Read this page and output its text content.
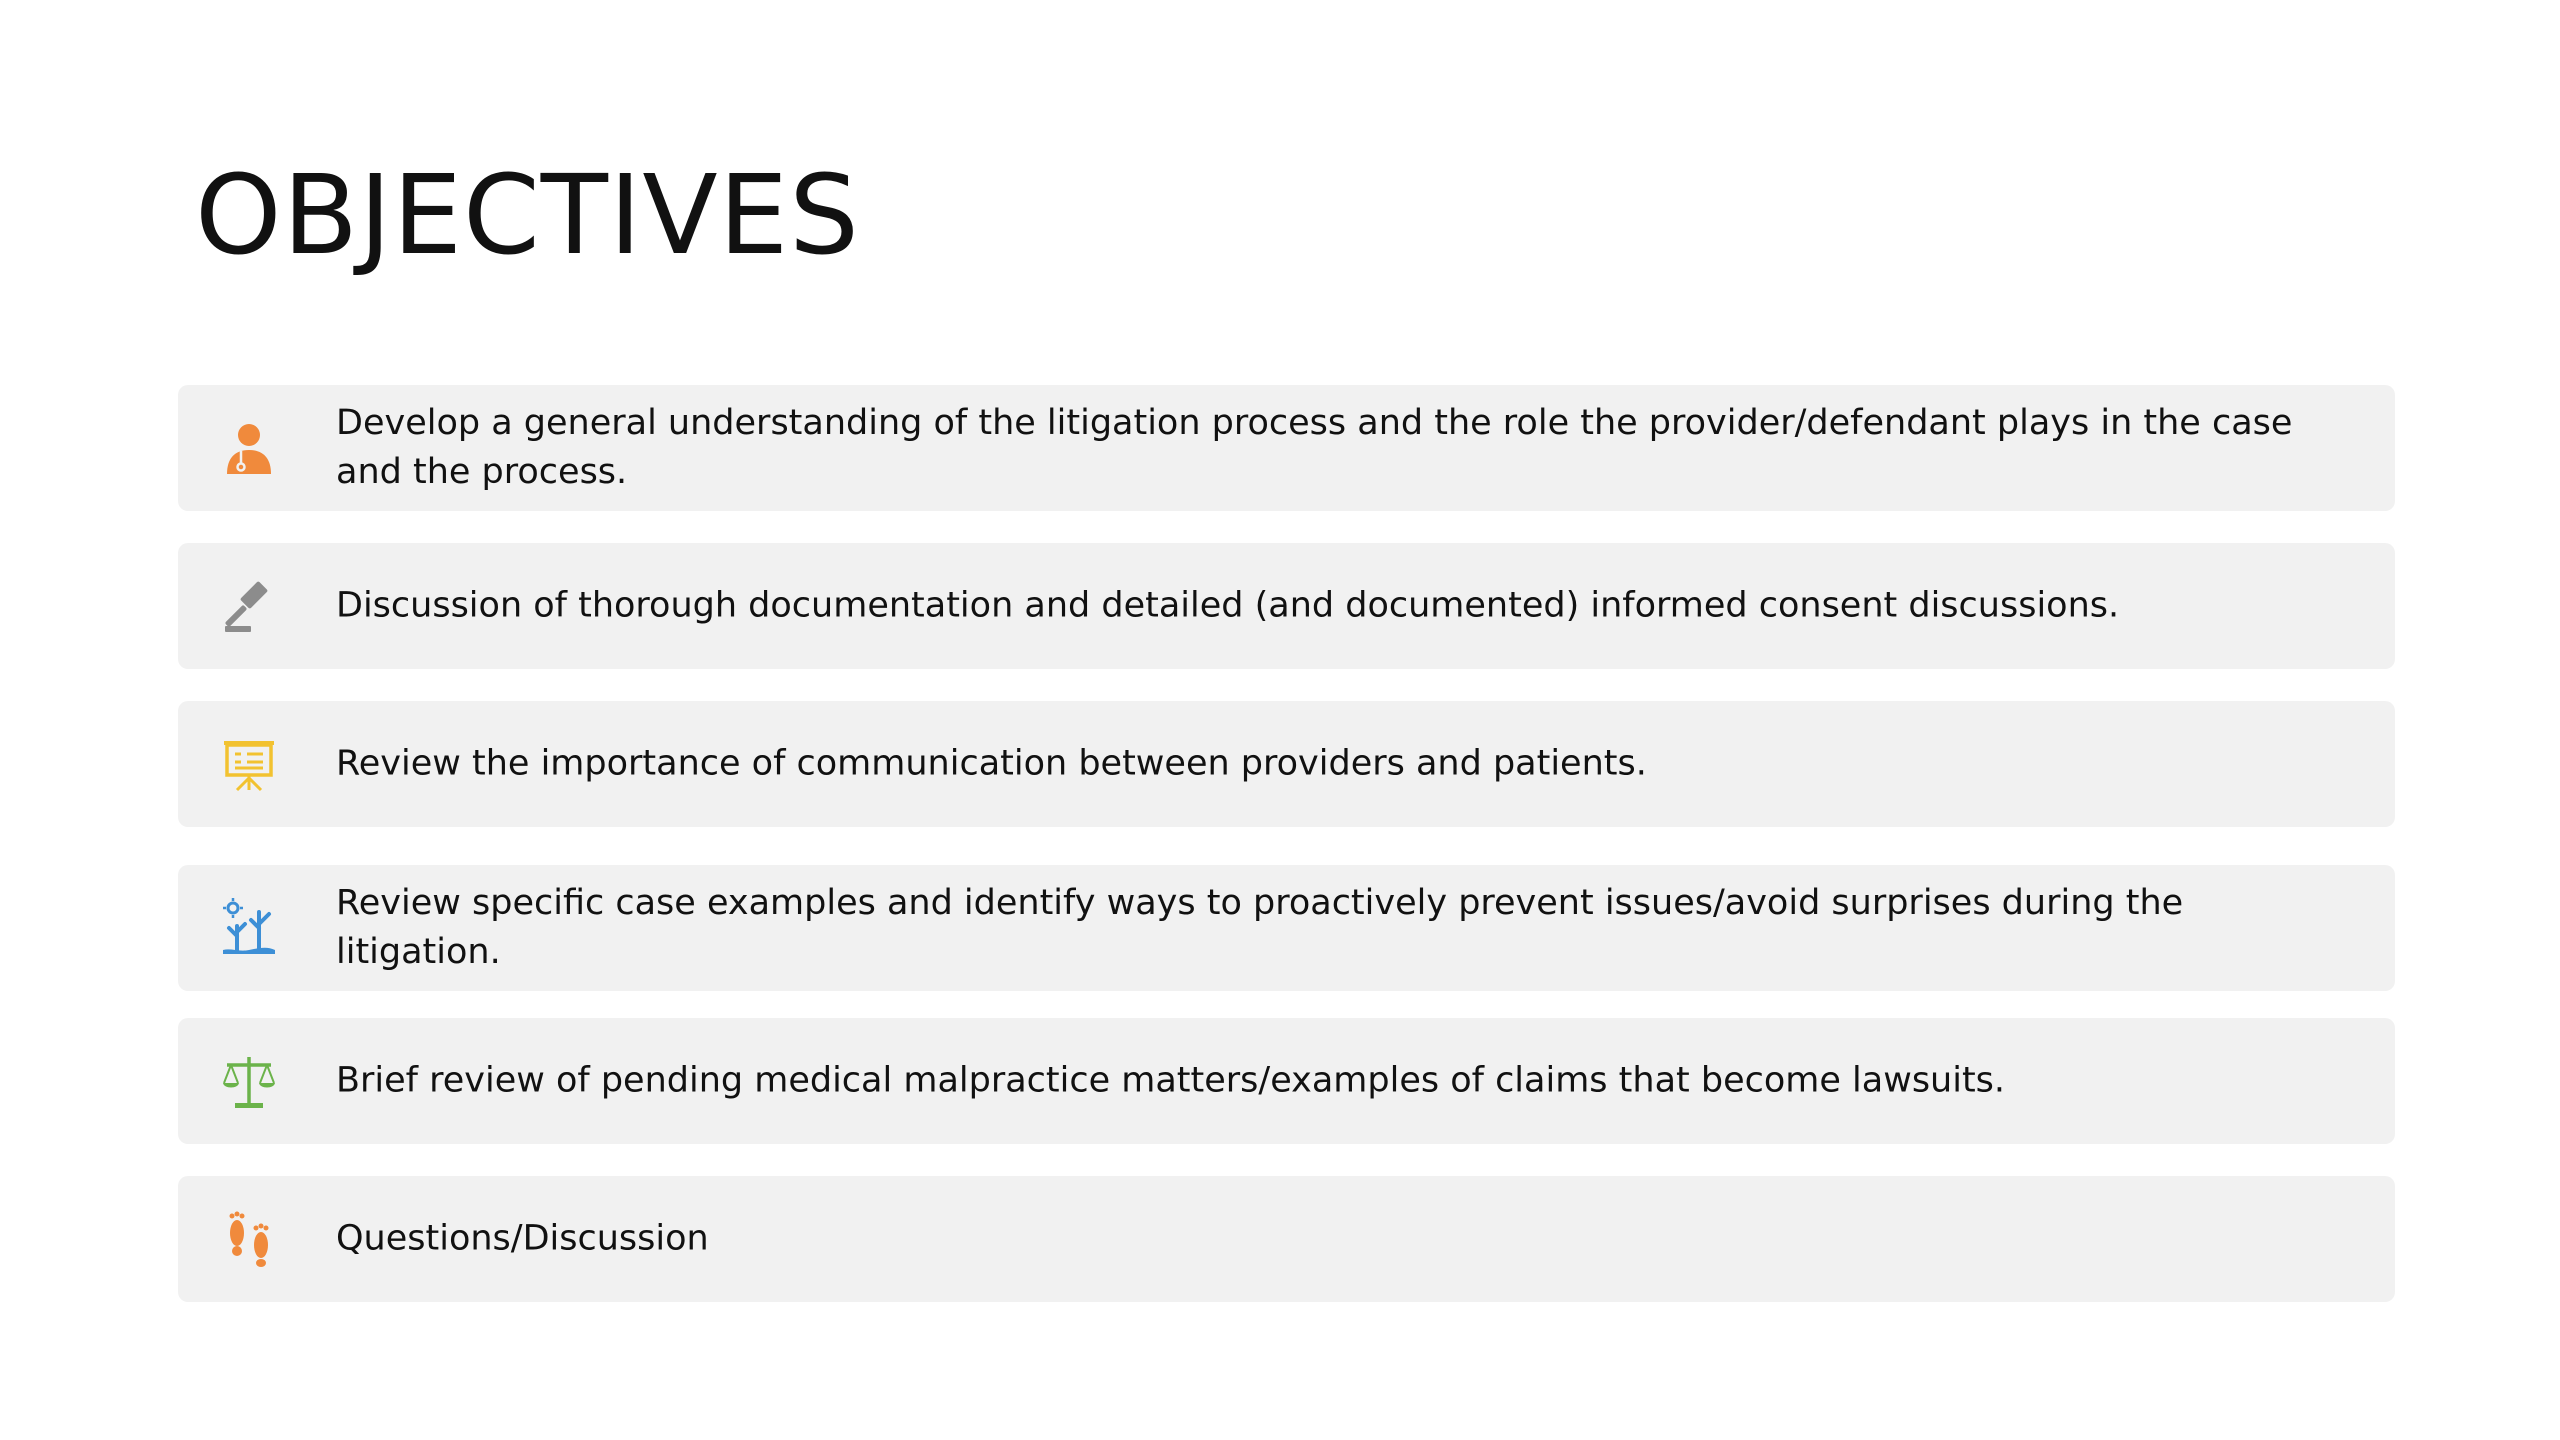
OBJECTIVES
Develop a general understanding of the litigation process and the role the provider/defendant plays in the case and the process.
Discussion of thorough documentation and detailed (and documented) informed consent discussions.
Review the importance of communication between providers and patients.
Review specific case examples and identify ways to proactively prevent issues/avoid surprises during the litigation.
Brief review of pending medical malpractice matters/examples of claims that become lawsuits.
Questions/Discussion
